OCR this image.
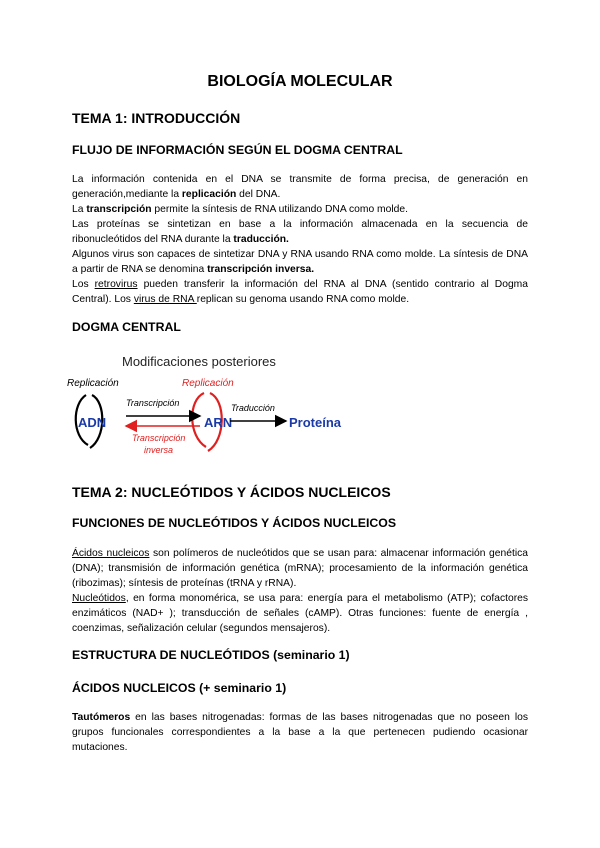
BIOLOGÍA MOLECULAR
TEMA 1: INTRODUCCIÓN
FLUJO DE INFORMACIÓN SEGÚN EL DOGMA CENTRAL

La información contenida en el DNA se transmite de forma precisa, de generación en generación,mediante la replicación del DNA.

La transcripción permite la síntesis de RNA utilizando DNA como molde.

Las proteínas se sintetizan en base a la información almacenada en la secuencia de ribonucleótidos del RNA durante la traducción.

Algunos virus son capaces de sintetizar DNA y RNA usando RNA como molde. La síntesis de DNA a partir de RNA se denomina transcripción inversa.

Los retrovirus pueden transferir la información del RNA al DNA (sentido contrario al Dogma Central). Los virus de RNA replican su genoma usando RNA como molde.

DOGMA CENTRAL
Modificaciones posteriores
Replicación	Replicación
ADN	ARN	Proteína
Transcripción
Transcripción
inversa
Traducción
TEMA 2: NUCLEÓTIDOS Y ÁCIDOS NUCLEICOS
FUNCIONES DE NUCLEÓTIDOS Y ÁCIDOS NUCLEICOS

Ácidos nucleicos son polímeros de nucleótidos que se usan para: almacenar información genética (DNA); transmisión de información genética (mRNA); procesamiento de la información genética (ribozimas); síntesis de proteínas (tRNA y rRNA).

Nucleótidos, en forma monomérica, se usa para: energía para el metabolismo (ATP); cofactores enzimáticos (NAD+ ); transducción de señales (cAMP). Otras funciones: fuente de energía , coenzimas, señalización celular (segundos mensajeros).

ESTRUCTURA DE NUCLEÓTIDOS (seminario 1)
ÁCIDOS NUCLEICOS (+ seminario 1)

Tautómeros en las bases nitrogenadas: formas de las bases nitrogenadas que no poseen los grupos funcionales correspondientes a la base a la que pertenecen pudiendo ocasionar mutaciones.
